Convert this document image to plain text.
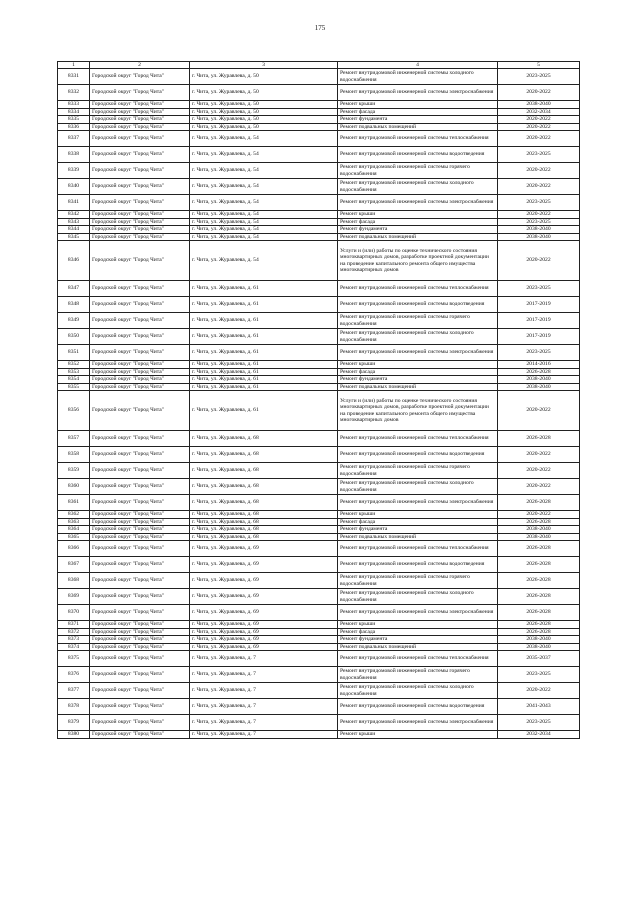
175
1	2	3	4	5
8331	Городской округ "Город Чита"	г. Чита, ул. Журавлева, д. 50	Ремонт внутридомовой инженерной системы холодного водоснабжения	2023-2025
8332	Городской округ "Город Чита"	г. Чита, ул. Журавлева, д. 50	Ремонт внутридомовой инженерной системы электроснабжения	2020-2022
8333	Городской округ "Город Чита"	г. Чита, ул. Журавлева, д. 50	Ремонт крыши	2038-2040
8334	Городской округ "Город Чита"	г. Чита, ул. Журавлева, д. 50	Ремонт фасада	2032-2034
8335	Городской округ "Город Чита"	г. Чита, ул. Журавлева, д. 50	Ремонт фундамента	2020-2022
8336	Городской округ "Город Чита"	г. Чита, ул. Журавлева, д. 50	Ремонт подвальных помещений	2020-2022
8337	Городской округ "Город Чита"	г. Чита, ул. Журавлева, д. 54	Ремонт внутридомовой инженерной системы теплоснабжения	2020-2022
8338	Городской округ "Город Чита"	г. Чита, ул. Журавлева, д. 54	Ремонт внутридомовой инженерной системы водоотведения	2023-2025
8339	Городской округ "Город Чита"	г. Чита, ул. Журавлева, д. 54	Ремонт внутридомовой инженерной системы горячего водоснабжения	2020-2022
8340	Городской округ "Город Чита"	г. Чита, ул. Журавлева, д. 54	Ремонт внутридомовой инженерной системы холодного водоснабжения	2020-2022
8341	Городской округ "Город Чита"	г. Чита, ул. Журавлева, д. 54	Ремонт внутридомовой инженерной системы электроснабжения	2023-2025
8342	Городской округ "Город Чита"	г. Чита, ул. Журавлева, д. 54	Ремонт крыши	2020-2022
8343	Городской округ "Город Чита"	г. Чита, ул. Журавлева, д. 54	Ремонт фасада	2023-2025
8344	Городской округ "Город Чита"	г. Чита, ул. Журавлева, д. 54	Ремонт фундамента	2038-2040
8345	Городской округ "Город Чита"	г. Чита, ул. Журавлева, д. 54	Ремонт подвальных помещений	2038-2040
8346	Городской округ "Город Чита"	г. Чита, ул. Журавлева, д. 54	Услуги и (или) работы по оценке технического состояния многоквартирных домов, разработке проектной документации на проведение капитального ремонта общего имущества многоквартирных домов	2020-2022
8347	Городской округ "Город Чита"	г. Чита, ул. Журавлева, д. 61	Ремонт внутридомовой инженерной системы теплоснабжения	2023-2025
8348	Городской округ "Город Чита"	г. Чита, ул. Журавлева, д. 61	Ремонт внутридомовой инженерной системы водоотведения	2017-2019
8349	Городской округ "Город Чита"	г. Чита, ул. Журавлева, д. 61	Ремонт внутридомовой инженерной системы горячего водоснабжения	2017-2019
8350	Городской округ "Город Чита"	г. Чита, ул. Журавлева, д. 61	Ремонт внутридомовой инженерной системы холодного водоснабжения	2017-2019
8351	Городской округ "Город Чита"	г. Чита, ул. Журавлева, д. 61	Ремонт внутридомовой инженерной системы электроснабжения	2023-2025
8352	Городской округ "Город Чита"	г. Чита, ул. Журавлева, д. 61	Ремонт крыши	2014-2016
8353	Городской округ "Город Чита"	г. Чита, ул. Журавлева, д. 61	Ремонт фасада	2026-2028
8354	Городской округ "Город Чита"	г. Чита, ул. Журавлева, д. 61	Ремонт фундамента	2038-2040
8355	Городской округ "Город Чита"	г. Чита, ул. Журавлева, д. 61	Ремонт подвальных помещений	2038-2040
8356	Городской округ "Город Чита"	г. Чита, ул. Журавлева, д. 61	Услуги и (или) работы по оценке технического состояния многоквартирных домов, разработке проектной документации на проведение капитального ремонта общего имущества многоквартирных домов	2020-2022
8357	Городской округ "Город Чита"	г. Чита, ул. Журавлева, д. 68	Ремонт внутридомовой инженерной системы теплоснабжения	2026-2028
8358	Городской округ "Город Чита"	г. Чита, ул. Журавлева, д. 68	Ремонт внутридомовой инженерной системы водоотведения	2020-2022
8359	Городской округ "Город Чита"	г. Чита, ул. Журавлева, д. 68	Ремонт внутридомовой инженерной системы горячего водоснабжения	2020-2022
8360	Городской округ "Город Чита"	г. Чита, ул. Журавлева, д. 68	Ремонт внутридомовой инженерной системы холодного водоснабжения	2020-2022
8361	Городской округ "Город Чита"	г. Чита, ул. Журавлева, д. 68	Ремонт внутридомовой инженерной системы электроснабжения	2026-2028
8362	Городской округ "Город Чита"	г. Чита, ул. Журавлева, д. 68	Ремонт крыши	2020-2022
8363	Городской округ "Город Чита"	г. Чита, ул. Журавлева, д. 68	Ремонт фасада	2026-2028
8364	Городской округ "Город Чита"	г. Чита, ул. Журавлева, д. 68	Ремонт фундамента	2038-2040
8365	Городской округ "Город Чита"	г. Чита, ул. Журавлева, д. 68	Ремонт подвальных помещений	2038-2040
8366	Городской округ "Город Чита"	г. Чита, ул. Журавлева, д. 69	Ремонт внутридомовой инженерной системы теплоснабжения	2026-2028
8367	Городской округ "Город Чита"	г. Чита, ул. Журавлева, д. 69	Ремонт внутридомовой инженерной системы водоотведения	2026-2028
8368	Городской округ "Город Чита"	г. Чита, ул. Журавлева, д. 69	Ремонт внутридомовой инженерной системы горячего водоснабжения	2026-2028
8369	Городской округ "Город Чита"	г. Чита, ул. Журавлева, д. 69	Ремонт внутридомовой инженерной системы холодного водоснабжения	2026-2028
8370	Городской округ "Город Чита"	г. Чита, ул. Журавлева, д. 69	Ремонт внутридомовой инженерной системы электроснабжения	2026-2028
8371	Городской округ "Город Чита"	г. Чита, ул. Журавлева, д. 69	Ремонт крыши	2026-2028
8372	Городской округ "Город Чита"	г. Чита, ул. Журавлева, д. 69	Ремонт фасада	2026-2028
8373	Городской округ "Город Чита"	г. Чита, ул. Журавлева, д. 69	Ремонт фундамента	2038-2040
8374	Городской округ "Город Чита"	г. Чита, ул. Журавлева, д. 69	Ремонт подвальных помещений	2038-2040
8375	Городской округ "Город Чита"	г. Чита, ул. Журавлева, д. 7	Ремонт внутридомовой инженерной системы теплоснабжения	2035-2037
8376	Городской округ "Город Чита"	г. Чита, ул. Журавлева, д. 7	Ремонт внутридомовой инженерной системы горячего водоснабжения	2023-2025
8377	Городской округ "Город Чита"	г. Чита, ул. Журавлева, д. 7	Ремонт внутридомовой инженерной системы холодного водоснабжения	2020-2022
8378	Городской округ "Город Чита"	г. Чита, ул. Журавлева, д. 7	Ремонт внутридомовой инженерной системы водоотведения	2041-2043
8379	Городской округ "Город Чита"	г. Чита, ул. Журавлева, д. 7	Ремонт внутридомовой инженерной системы электроснабжения	2023-2025
8380	Городской округ "Город Чита"	г. Чита, ул. Журавлева, д. 7	Ремонт крыши	2032-2034
